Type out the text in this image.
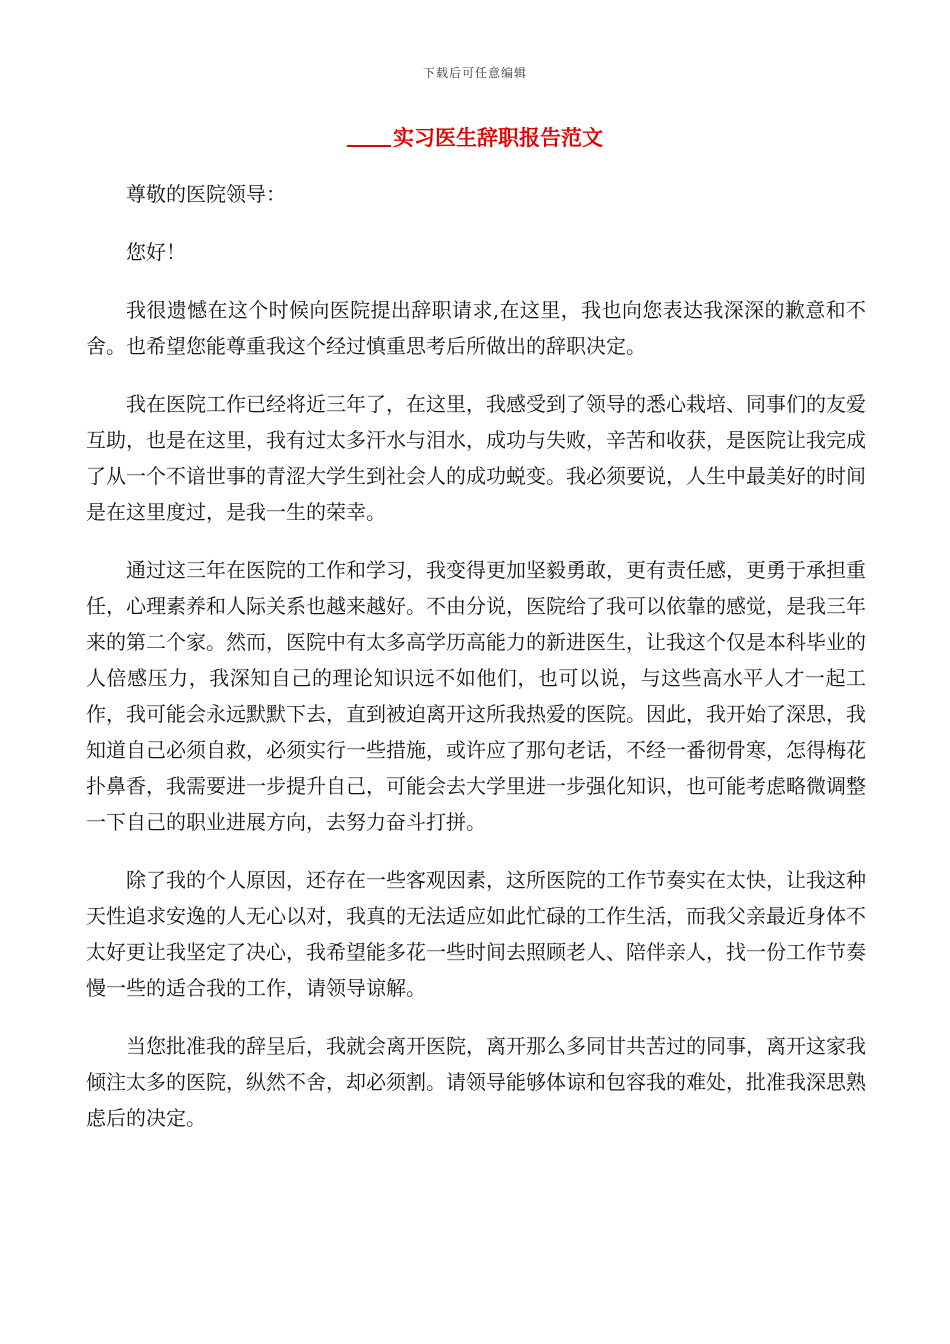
下载后可任意编辑
实习医生辞职报告范文

尊敬的医院领导：

您好！

我很遗憾在这个时候向医院提出辞职请求,在这里，我也向您表达我深深的歉意和不舍。也希望您能尊重我这个经过慎重思考后所做出的辞职决定。

我在医院工作已经将近三年了，在这里，我感受到了领导的悉心栽培、同事们的友爱互助，也是在这里，我有过太多汗水与泪水，成功与失败，辛苦和收获，是医院让我完成了从一个不谙世事的青涩大学生到社会人的成功蜕变。我必须要说，人生中最美好的时间是在这里度过，是我一生的荣幸。

通过这三年在医院的工作和学习，我变得更加坚毅勇敢，更有责任感，更勇于承担重任，心理素养和人际关系也越来越好。不由分说，医院给了我可以依靠的感觉，是我三年来的第二个家。然而，医院中有太多高学历高能力的新进医生，让我这个仅是本科毕业的人倍感压力，我深知自己的理论知识远不如他们，也可以说，与这些高水平人才一起工作，我可能会永远默默下去，直到被迫离开这所我热爱的医院。因此，我开始了深思，我知道自己必须自救，必须实行一些措施，或许应了那句老话，不经一番彻骨寒，怎得梅花扑鼻香，我需要进一步提升自己，可能会去大学里进一步强化知识，也可能考虑略微调整一下自己的职业进展方向，去努力奋斗打拼。

除了我的个人原因，还存在一些客观因素，这所医院的工作节奏实在太快，让我这种天性追求安逸的人无心以对，我真的无法适应如此忙碌的工作生活，而我父亲最近身体不太好更让我坚定了决心，我希望能多花一些时间去照顾老人、陪伴亲人，找一份工作节奏慢一些的适合我的工作，请领导谅解。

当您批准我的辞呈后，我就会离开医院，离开那么多同甘共苦过的同事，离开这家我倾注太多的医院，纵然不舍，却必须割。请领导能够体谅和包容我的难处，批准我深思熟虑后的决定。
